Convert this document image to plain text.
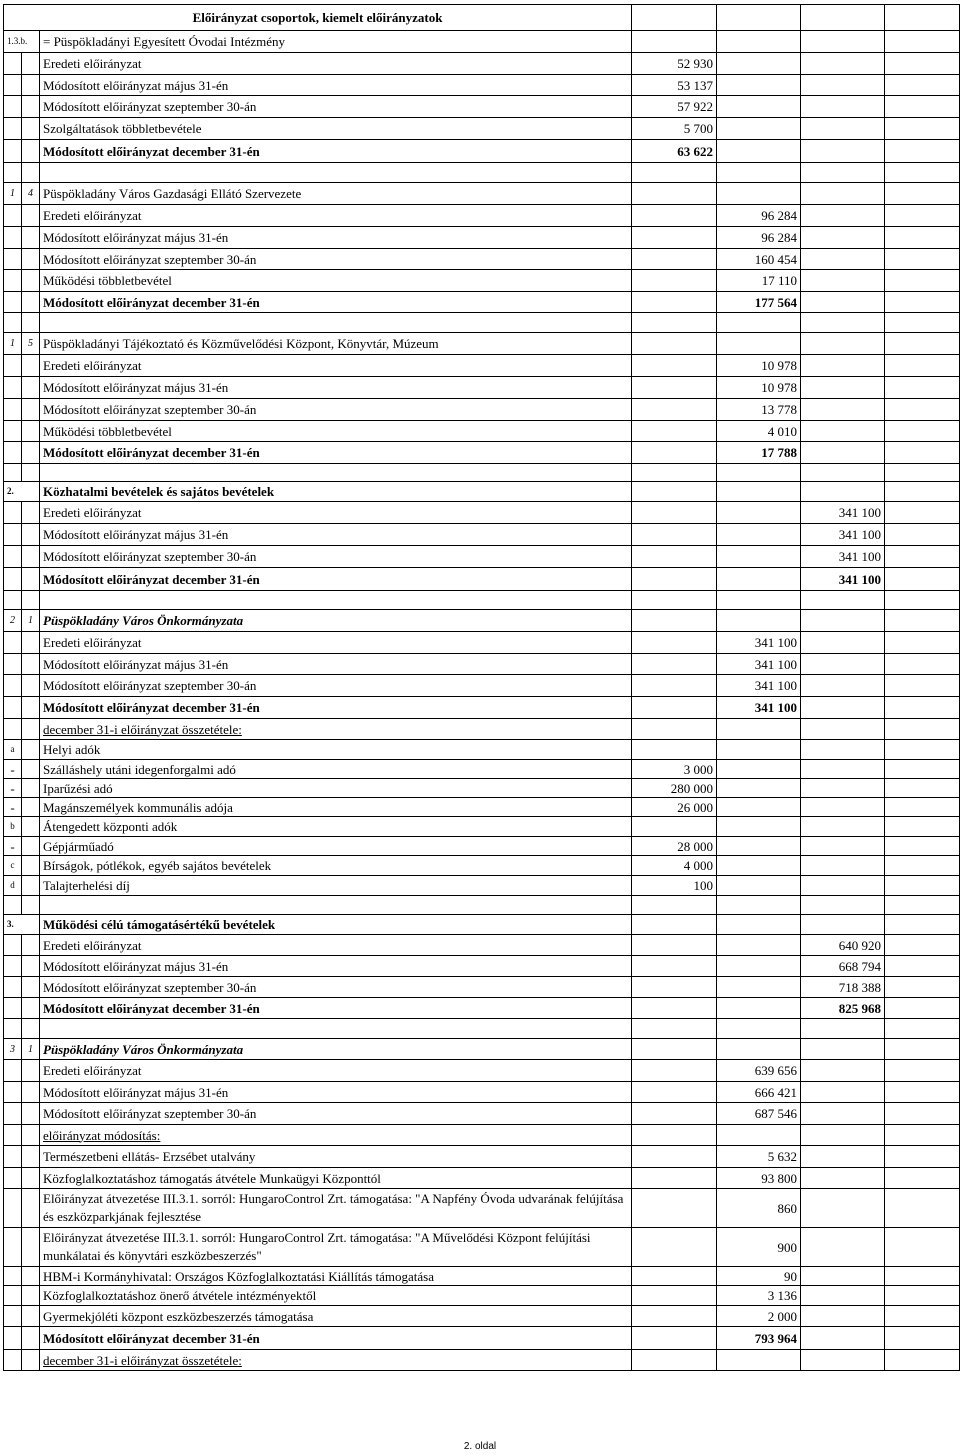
Előirányzat csoportok, kiemelt előirányzatok						
1.3.b.		= Püspökladányi Egyesített Óvodai Intézmény				
		Eredeti előirányzat	52 930			
		Módosított előirányzat május 31-én	53 137			
		Módosított előirányzat szeptember 30-án	57 922			
		Szolgáltatások többletbevétele	5 700			
		Módosított előirányzat december 31-én	63 622			

1	4	Püspökladány Város Gazdasági Ellátó Szervezete				
		Eredeti előirányzat		96 284		
		Módosított előirányzat május 31-én		96 284		
		Módosított előirányzat szeptember 30-án		160 454		
		Működési többletbevétel		17 110		
		Módosított előirányzat december 31-én		177 564		

1	5	Püspökladányi Tájékoztató és Közművelődési Központ, Könyvtár, Múzeum				
		Eredeti előirányzat		10 978		
		Módosított előirányzat május 31-én		10 978		
		Módosított előirányzat szeptember 30-án		13 778		
		Működési többletbevétel		4 010		
		Módosított előirányzat december 31-én		17 788		

2.		Közhatalmi bevételek és sajátos bevételek				
		Eredeti előirányzat			341 100	
		Módosított előirányzat május 31-én			341 100	
		Módosított előirányzat szeptember 30-án			341 100	
		Módosított előirányzat december 31-én			341 100	

2	1	Püspökladány Város Önkormányzata				
		Eredeti előirányzat		341 100		
		Módosított előirányzat május 31-én		341 100		
		Módosított előirányzat szeptember 30-án		341 100		
		Módosított előirányzat december 31-én		341 100		
		december 31-i előirányzat összetétele:				
a		Helyi adók				
-		Szálláshely utáni idegenforgalmi adó	3 000			
-		Iparűzési adó	280 000			
-		Magánszemélyek kommunális adója	26 000			
b		Átengedett központi adók				
-		Gépjárműadó	28 000			
c		Bírságok, pótlékok, egyéb sajátos bevételek	4 000			
d		Talajterhelési díj	100			

3.		Működési célú támogatásértékű bevételek				
		Eredeti előirányzat			640 920	
		Módosított előirányzat május 31-én			668 794	
		Módosított előirányzat szeptember 30-án			718 388	
		Módosított előirányzat december 31-én			825 968	

3	1	Püspökladány Város Önkormányzata				
		Eredeti előirányzat		639 656		
		Módosított előirányzat május 31-én		666 421		
		Módosított előirányzat szeptember 30-án		687 546		
		előirányzat módosítás:				
		Természetbeni ellátás- Erzsébet utalvány		5 632		
		Közfoglalkoztatáshoz támogatás átvétele Munkaügyi Központtól		93 800		
		Előirányzat átvezetése III.3.1. sorról: HungaroControl Zrt. támogatása: "A Napfény Óvoda udvarának felújítása és eszközparkjának fejlesztése		860		
		Előirányzat átvezetése III.3.1. sorról: HungaroControl Zrt. támogatása: "A Művelődési Központ felújítási munkálatai és könyvtári eszközbeszerzés"		900		
		HBM-i Kormányhivatal: Országos Közfoglalkoztatási Kiállítás támogatása		90		
		Közfoglalkoztatáshoz önerő átvétele intézményektől		3 136		
		Gyermekjóléti központ eszközbeszerzés támogatása		2 000		
		Módosított előirányzat december 31-én		793 964		
		december 31-i előirányzat összetétele:				
2. oldal
